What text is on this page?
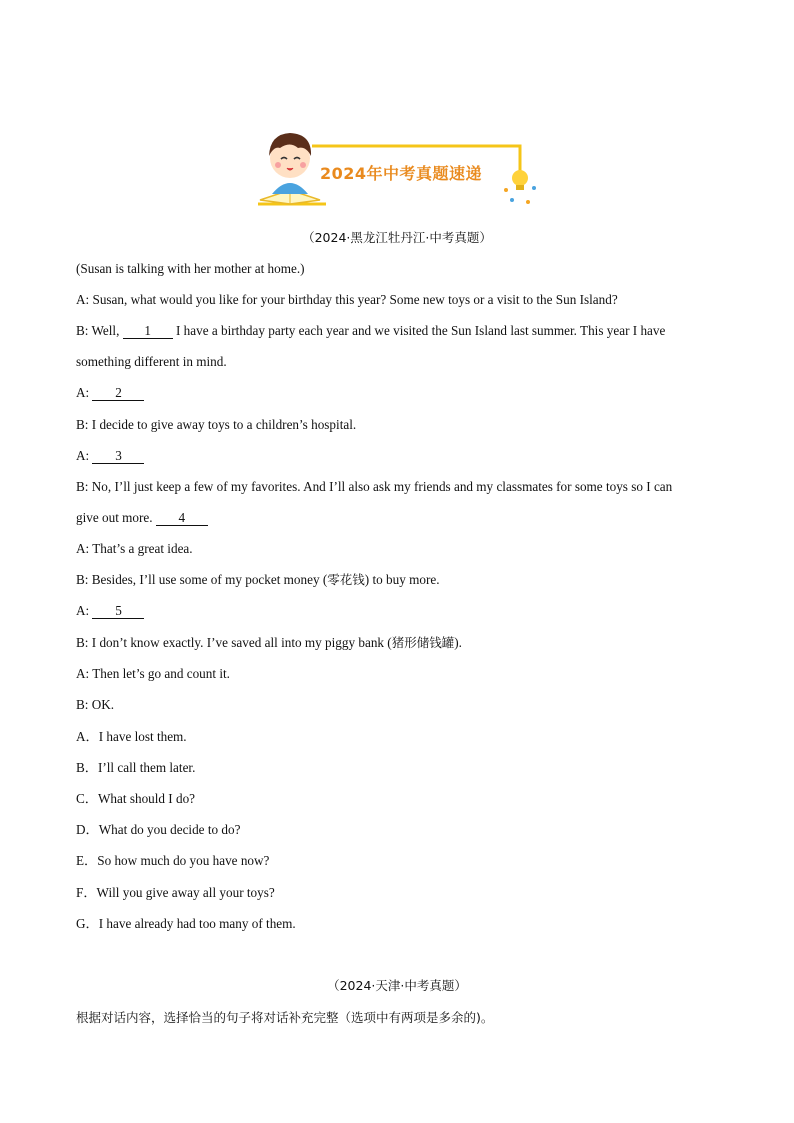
2024年中考真题速递
（2024·黑龙江牡丹江·中考真题）
(Susan is talking with her mother at home.)
A: Susan, what would you like for your birthday this year? Some new toys or a visit to the Sun Island?
B: Well, 1 I have a birthday party each year and we visited the Sun Island last summer. This year I have
something different in mind.
A: 2
B: I decide to give away toys to a children’s hospital.
A: 3
B: No, I’ll just keep a few of my favorites. And I’ll also ask my friends and my classmates for some toys so I can
give out more. 4
A: That’s a great idea.
B: Besides, I’ll use some of my pocket money (零花钱) to buy more.
A: 5
B: I don’t know exactly. I’ve saved all into my piggy bank (猪形储钱罐).
A: Then let’s go and count it.
B: OK.
A．I have lost them.
B．I’ll call them later.
C．What should I do?
D．What do you decide to do?
E．So how much do you have now?
F．Will you give away all your toys?
G．I have already had too many of them.
（2024·天津·中考真题）
根据对话内容，选择恰当的句子将对话补充完整（选项中有两项是多余的)。
